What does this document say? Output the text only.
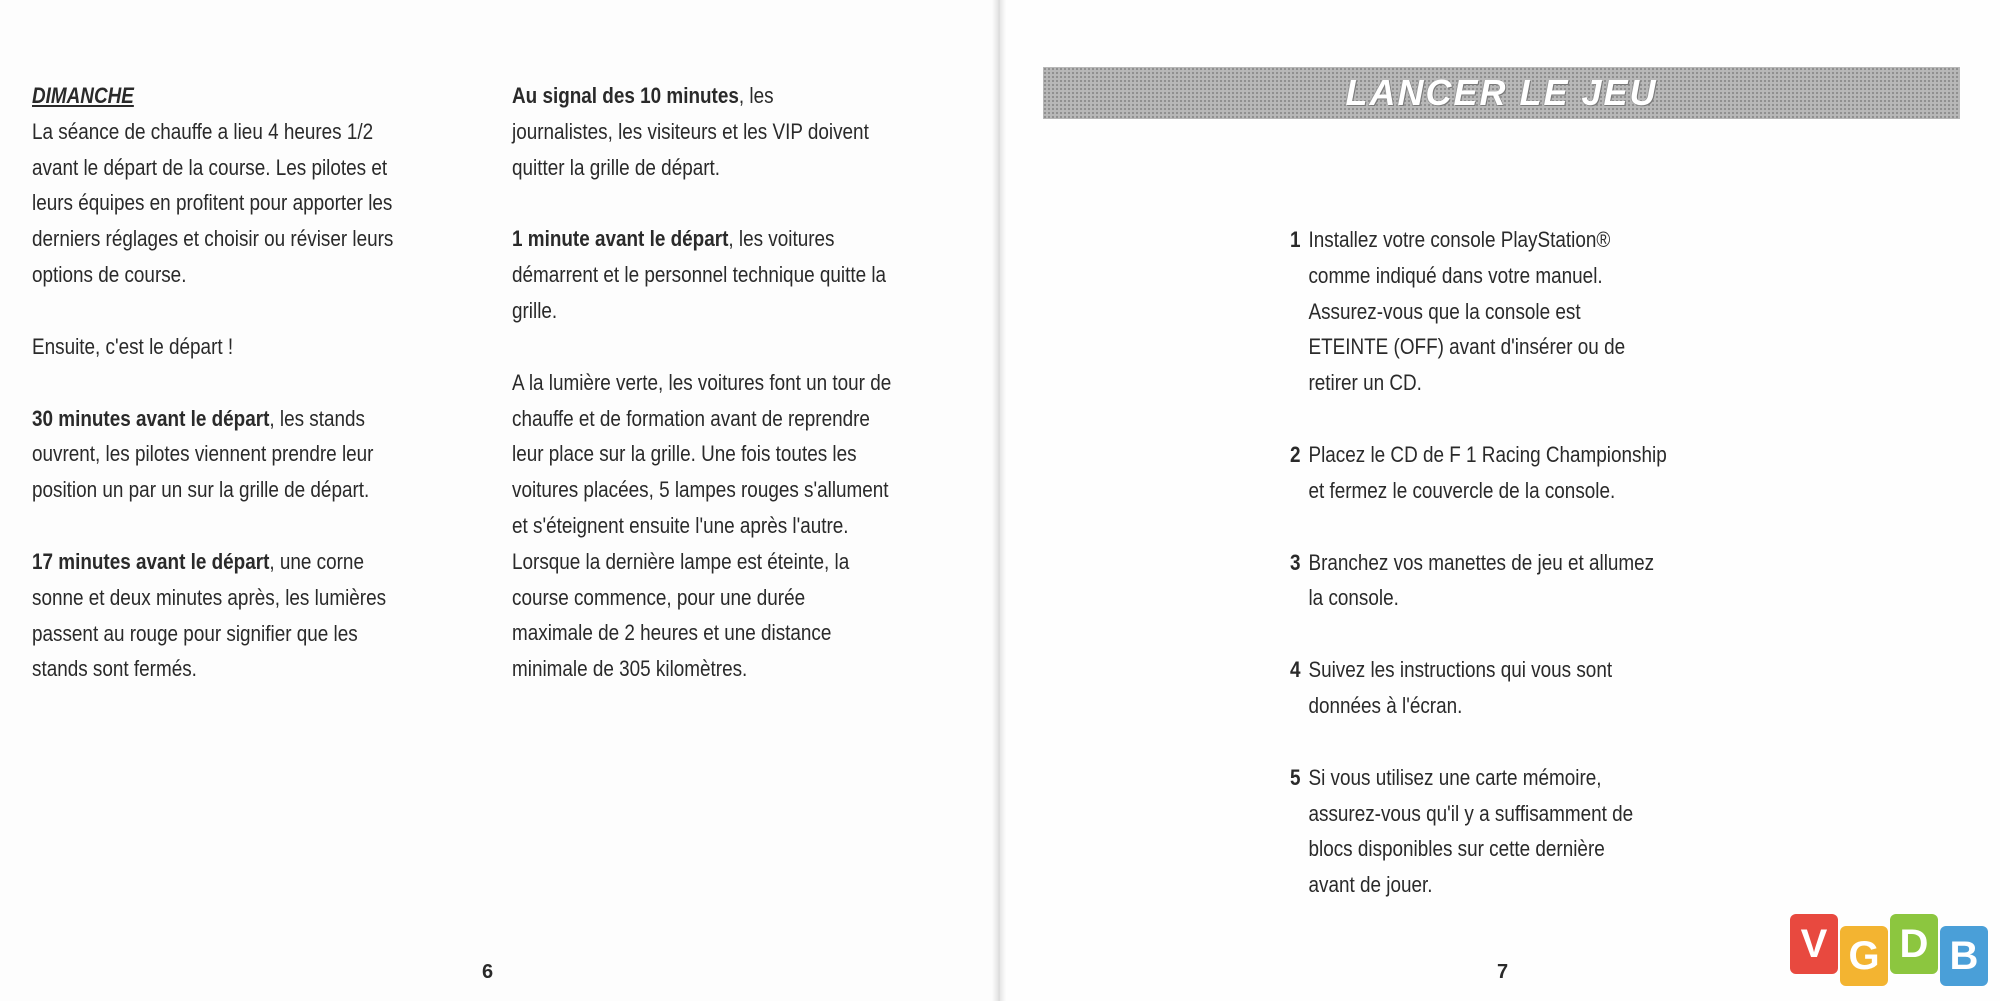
DIMANCHE

La séance de chauffe a lieu 4 heures 1/2
avant le départ de la course. Les pilotes et
leurs équipes en profitent pour apporter les
derniers réglages et choisir ou réviser leurs
options de course.

Ensuite, c'est le départ !

30 minutes avant le départ, les stands
ouvrent, les pilotes viennent prendre leur
position un par un sur la grille de départ.

17 minutes avant le départ, une corne
sonne et deux minutes après, les lumières
passent au rouge pour signifier que les
stands sont fermés.

Au signal des 10 minutes, les
journalistes, les visiteurs et les VIP doivent
quitter la grille de départ.

1 minute avant le départ, les voitures
démarrent et le personnel technique quitte la
grille.

A la lumière verte, les voitures font un tour de
chauffe et de formation avant de reprendre
leur place sur la grille. Une fois toutes les
voitures placées, 5 lampes rouges s'allument
et s'éteignent ensuite l'une après l'autre.
Lorsque la dernière lampe est éteinte, la
course commence, pour une durée
maximale de 2 heures et une distance
minimale de 305 kilomètres.

6
LANCER LE JEU
1 Installez votre console PlayStation®
comme indiqué dans votre manuel.
Assurez-vous que la console est
ETEINTE (OFF) avant d'insérer ou de
retirer un CD.
2 Placez le CD de F 1 Racing Championship
et fermez le couvercle de la console.
3 Branchez vos manettes de jeu et allumez
la console.
4 Suivez les instructions qui vous sont
données à l'écran.
5 Si vous utilisez une carte mémoire,
assurez-vous qu'il y a suffisamment de
blocs disponibles sur cette dernière
avant de jouer.
7
V G D B
